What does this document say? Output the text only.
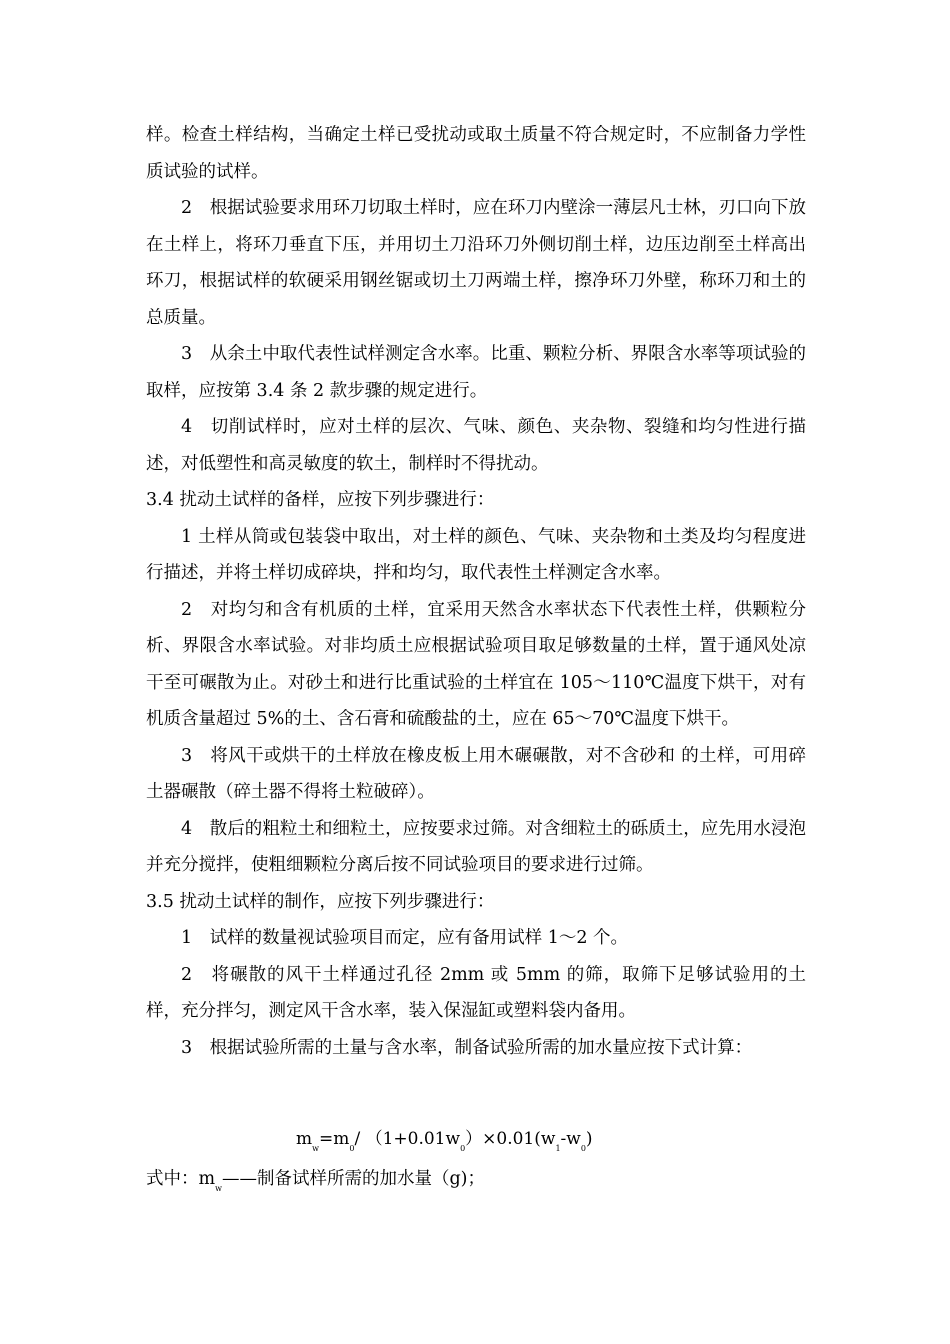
样。检查土样结构，当确定土样已受扰动或取土质量不符合规定时，不应制备力学性质试验的试样。

2　根据试验要求用环刀切取土样时，应在环刀内壁涂一薄层凡士林，刃口向下放在土样上，将环刀垂直下压，并用切土刀沿环刀外侧切削土样，边压边削至土样高出环刀，根据试样的软硬采用钢丝锯或切土刀两端土样，擦净环刀外壁，称环刀和土的总质量。

3　从余土中取代表性试样测定含水率。比重、颗粒分析、界限含水率等项试验的取样，应按第 3.4 条 2 款步骤的规定进行。

4　切削试样时，应对土样的层次、气味、颜色、夹杂物、裂缝和均匀性进行描述，对低塑性和高灵敏度的软土，制样时不得扰动。

3.4 扰动土试样的备样，应按下列步骤进行：

1 土样从筒或包装袋中取出，对土样的颜色、气味、夹杂物和土类及均匀程度进行描述，并将土样切成碎块，拌和均匀，取代表性土样测定含水率。

2　对均匀和含有机质的土样，宜采用天然含水率状态下代表性土样，供颗粒分析、界限含水率试验。对非均质土应根据试验项目取足够数量的土样，置于通风处凉干至可碾散为止。对砂土和进行比重试验的土样宜在 105～110℃温度下烘干，对有机质含量超过 5%的土、含石膏和硫酸盐的土，应在 65～70℃温度下烘干。

3　将风干或烘干的土样放在橡皮板上用木碾碾散，对不含砂和 的土样，可用碎土器碾散（碎土器不得将土粒破碎）。

4　散后的粗粒土和细粒土，应按要求过筛。对含细粒土的砾质土，应先用水浸泡并充分搅拌，使粗细颗粒分离后按不同试验项目的要求进行过筛。

3.5 扰动土试样的制作，应按下列步骤进行：

1　试样的数量视试验项目而定，应有备用试样 1～2 个。

2　将碾散的风干土样通过孔径 2mm 或 5mm 的筛，取筛下足够试验用的土样，充分拌匀，测定风干含水率，装入保湿缸或塑料袋内备用。

3　根据试验所需的土量与含水率，制备试验所需的加水量应按下式计算：

$m_w=m_0/$ $(1+0.01w_0)\times 0.01(w_1-w_0)$
式中：$m_w——$制备试样所需的加水量（g)；
